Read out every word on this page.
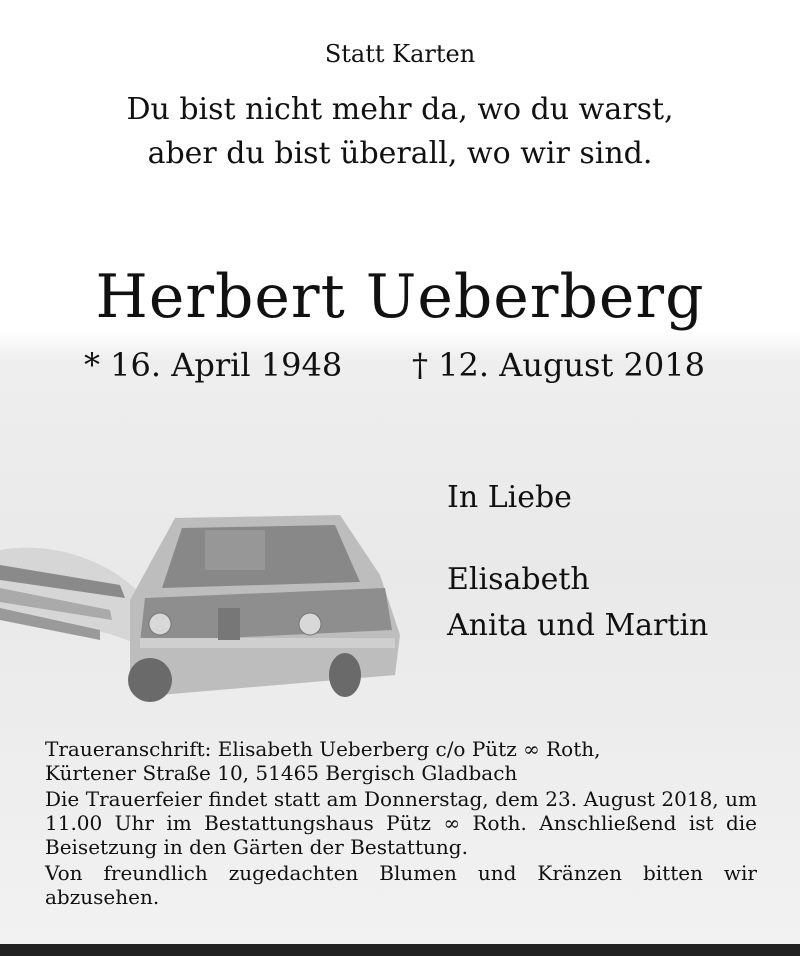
Statt Karten
Du bist nicht mehr da, wo du warst,
aber du bist überall, wo wir sind.
Herbert Ueberberg
* 16. April 1948 † 12. August 2018
In Liebe
Elisabeth
Anita und Martin

Traueranschrift: Elisabeth Ueberberg c/o Pütz ∞ Roth,

Kürtener Straße 10, 51465 Bergisch Gladbach

Die Trauerfeier findet statt am Donnerstag, dem 23. August 2018, um 11.00 Uhr im Bestattungshaus Pütz ∞ Roth. Anschließend ist die Beisetzung in den Gärten der Bestattung.

Von freundlich zugedachten Blumen und Kränzen bitten wir abzusehen.
